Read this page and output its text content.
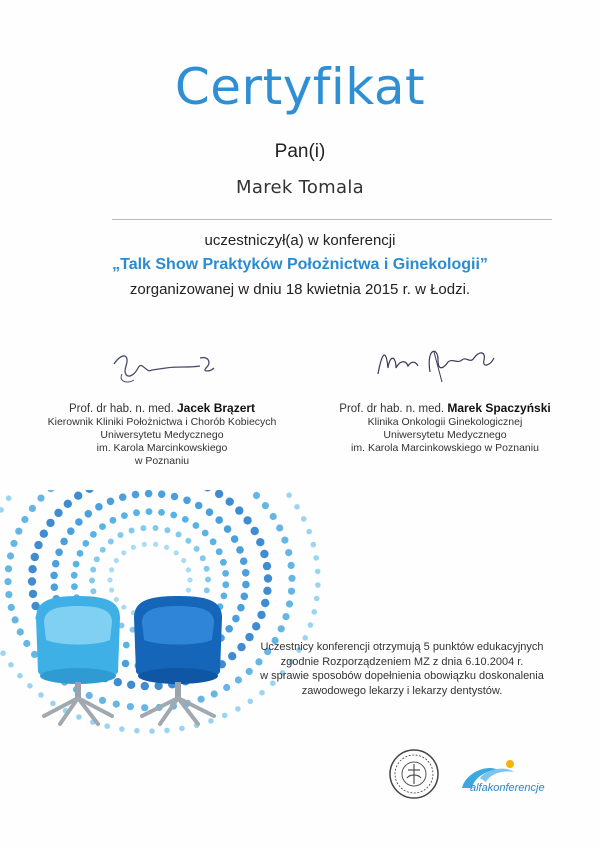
Certyfikat
Pan(i)
Marek Tomala
uczestniczył(a) w konferencji
„Talk Show Praktyków Położnictwa i Ginekologii”
zorganizowanej w dniu 18 kwietnia 2015 r. w Łodzi.
Prof. dr hab. n. med. Jacek Brązert
Kierownik Kliniki Położnictwa i Chorób Kobiecych
Uniwersytetu Medycznego
im. Karola Marcinkowskiego
w Poznaniu
Prof. dr hab. n. med. Marek Spaczyński
Klinika Onkologii Ginekologicznej
Uniwersytetu Medycznego
im. Karola Marcinkowskiego w Poznaniu
Uczestnicy konferencji otrzymują 5 punktów edukacyjnych
zgodnie Rozporządzeniem MZ z dnia 6.10.2004 r.
w sprawie sposobów dopełnienia obowiązku doskonalenia
zawodowego lekarzy i lekarzy dentystów.
alfakonferencje
